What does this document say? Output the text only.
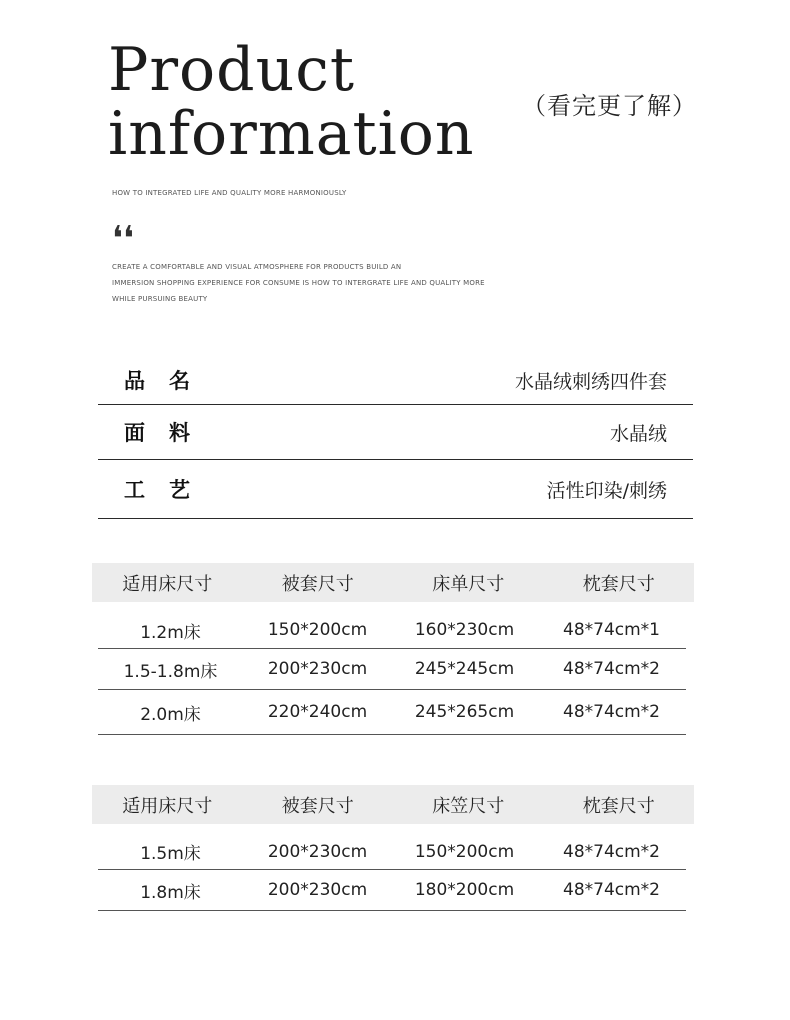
Product
information （看完更了解）
HOW TO INTEGRATED LIFE AND QUALITY MORE HARMONIOUSLY
❛❛
CREATE A COMFORTABLE AND VISUAL ATMOSPHERE FOR PRODUCTS BUILD AN
IMMERSION SHOPPING EXPERIENCE FOR CONSUME IS HOW TO INTERGRATE LIFE AND QUALITY MORE
WHILE PURSUING BEAUTY
品名	水晶绒刺绣四件套
面料	水晶绒
工艺	活性印染/刺绣
适用床尺寸	被套尺寸	床单尺寸	枕套尺寸
1.2m床	150*200cm	160*230cm	48*74cm*1
1.5-1.8m床	200*230cm	245*245cm	48*74cm*2
2.0m床	220*240cm	245*265cm	48*74cm*2
适用床尺寸	被套尺寸	床笠尺寸	枕套尺寸
1.5m床	200*230cm	150*200cm	48*74cm*2
1.8m床	200*230cm	180*200cm	48*74cm*2
